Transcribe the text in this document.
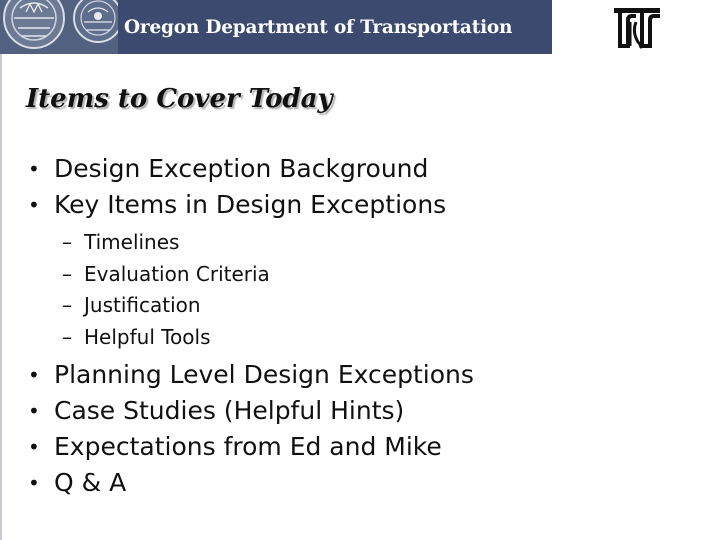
Oregon Department of Transportation
Items to Cover Today
• Design Exception Background
• Key Items in Design Exceptions
– Timelines
– Evaluation Criteria
– Justification
– Helpful Tools
• Planning Level Design Exceptions
• Case Studies (Helpful Hints)
• Expectations from Ed and Mike
• Q & A
